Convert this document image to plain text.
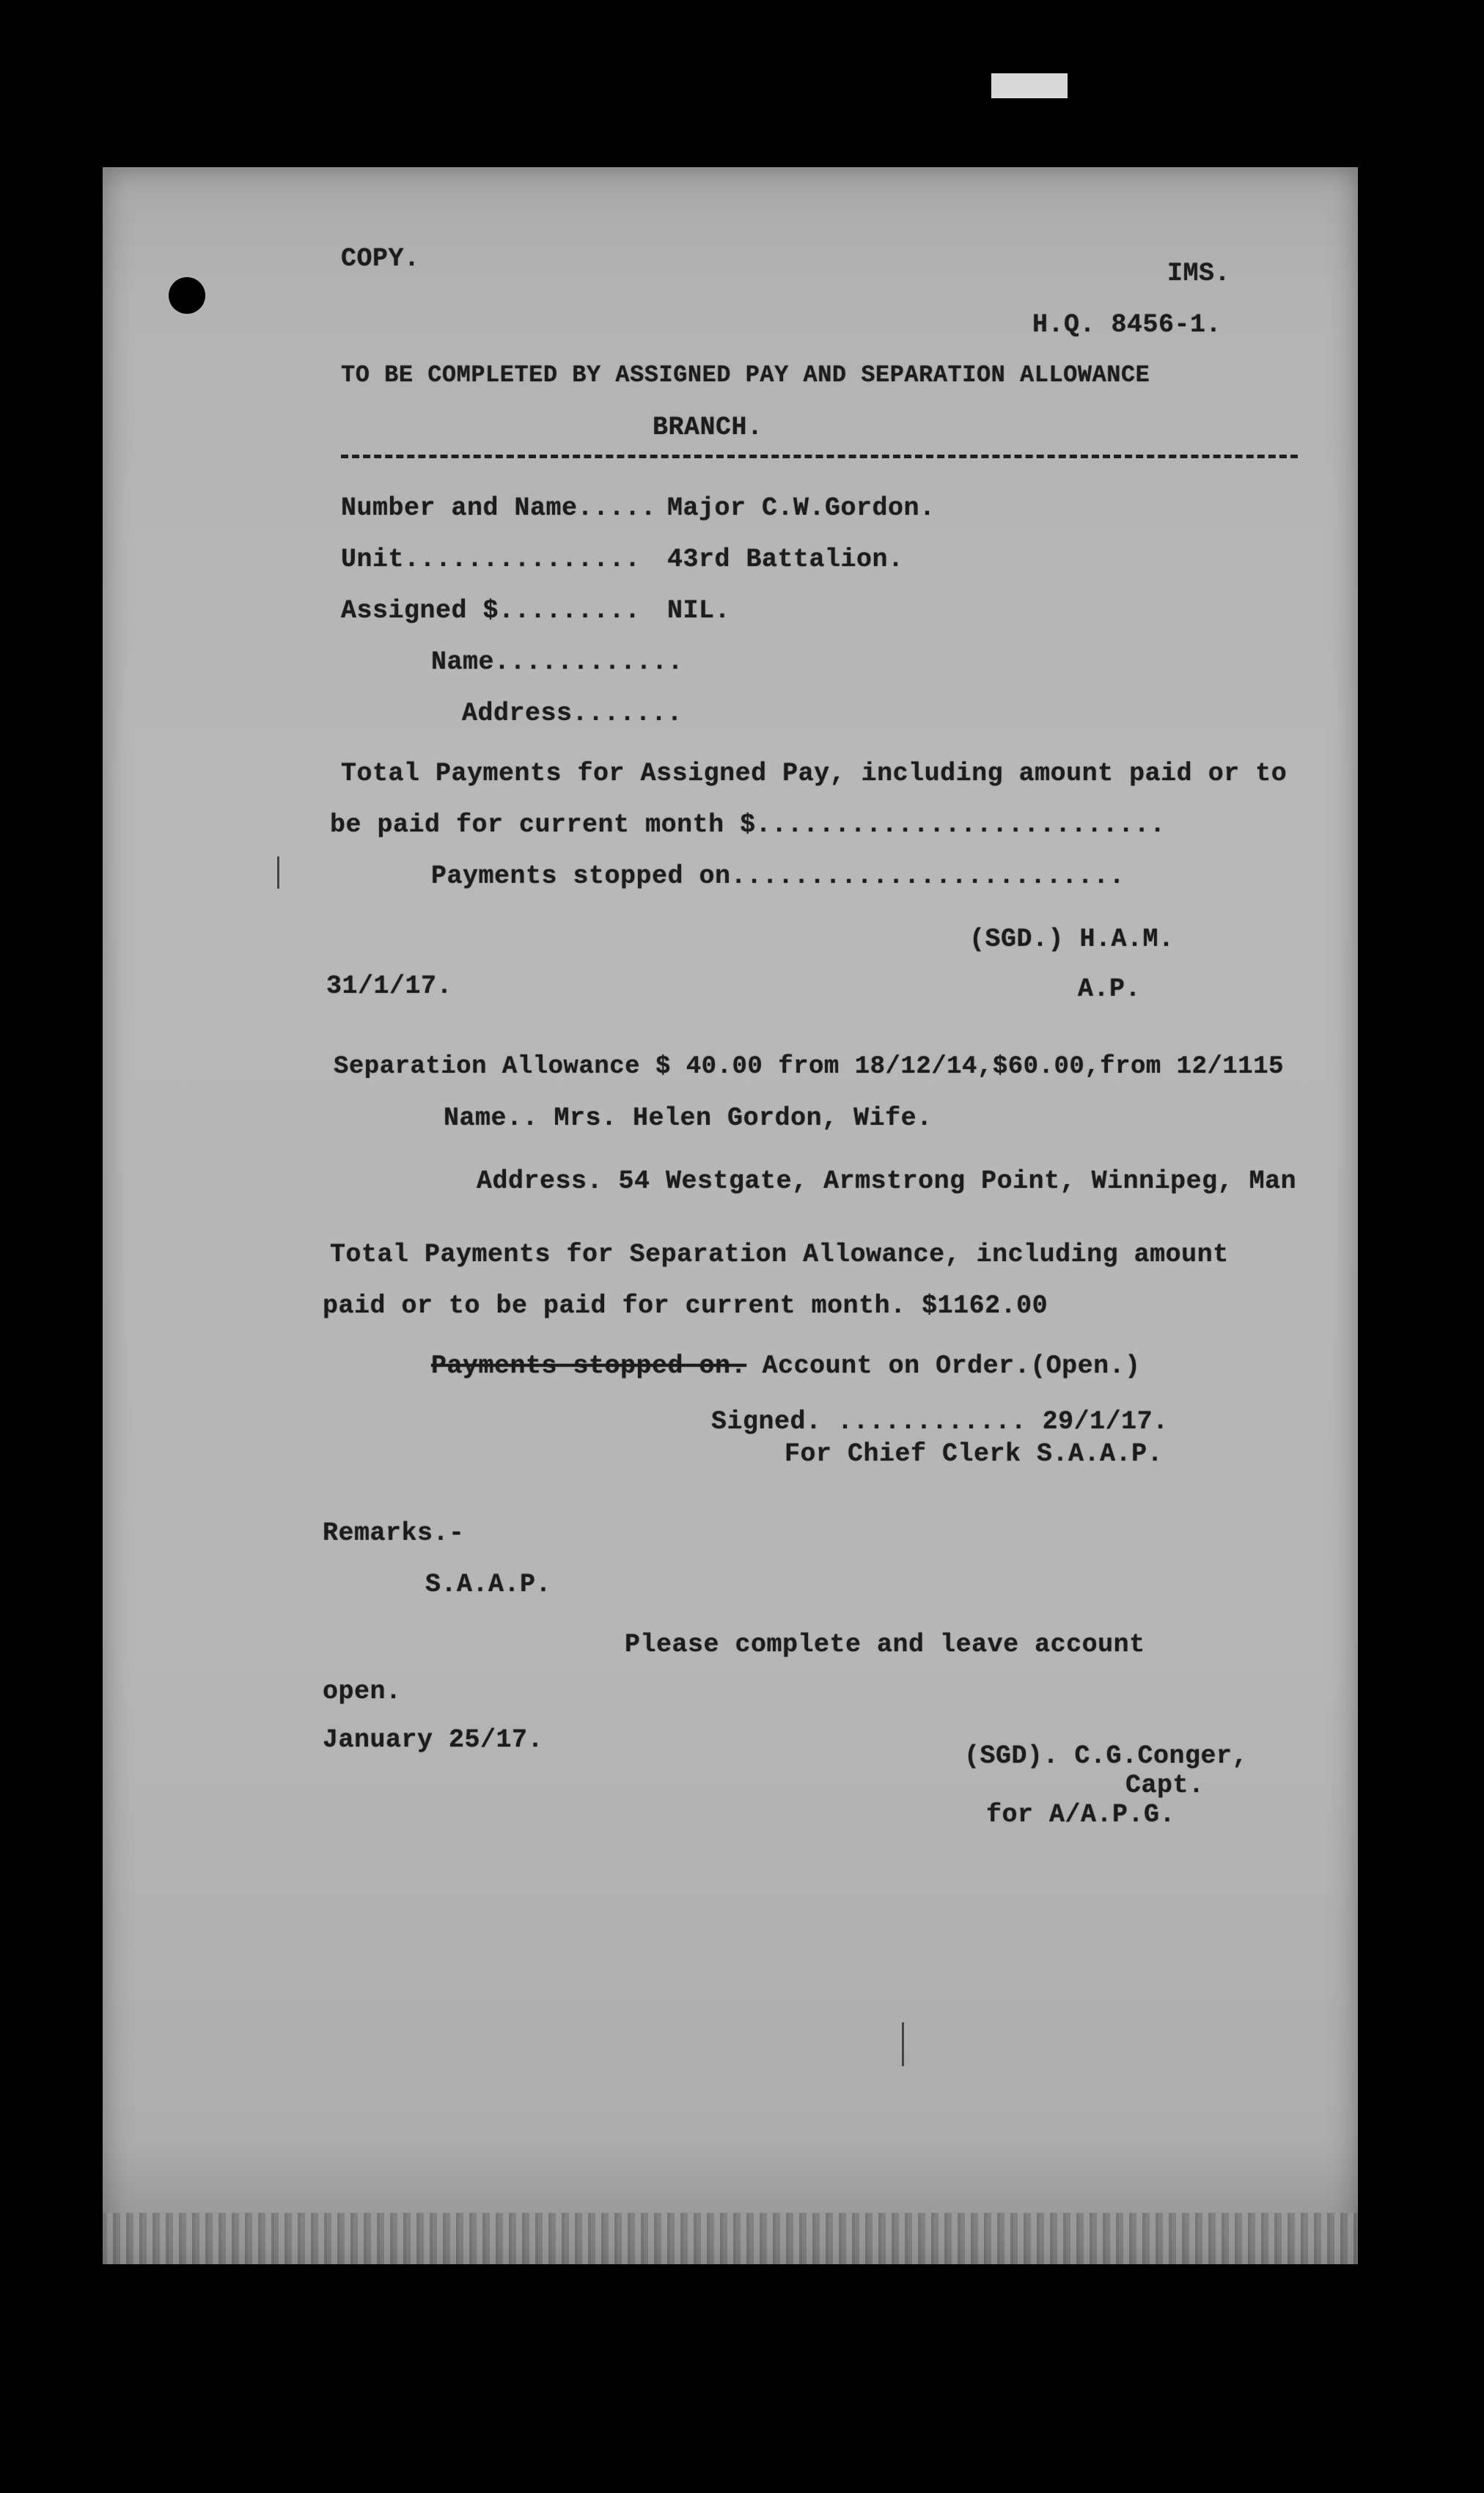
COPY.	IMS.
H.Q. 8456-1.
TO BE COMPLETED BY ASSIGNED PAY AND SEPARATION ALLOWANCE
BRANCH.
Number and Name..... Major C.W.Gordon.
Unit............... 43rd Battalion.
Assigned $......... NIL.
Name............
Address.......
Total Payments for Assigned Pay, including amount paid or to
be paid for current month $..........................
Payments stopped on.........................
(SGD.) H.A.M.
31/1/17.	A.P.
Separation Allowance $ 40.00 from 18/12/14,$60.00,from 12/1115
Name.. Mrs. Helen Gordon, Wife.
Address. 54 Westgate, Armstrong Point, Winnipeg, Man
Total Payments for Separation Allowance, including amount
paid or to be paid for current month. $1162.00
Payments stopped on. Account on Order.(Open.)
Signed. ............ 29/1/17.
For Chief Clerk S.A.A.P.
Remarks.-
S.A.A.P.
Please complete and leave account
open.
January 25/17.
(SGD). C.G.Conger,
Capt.
for A/A.P.G.
